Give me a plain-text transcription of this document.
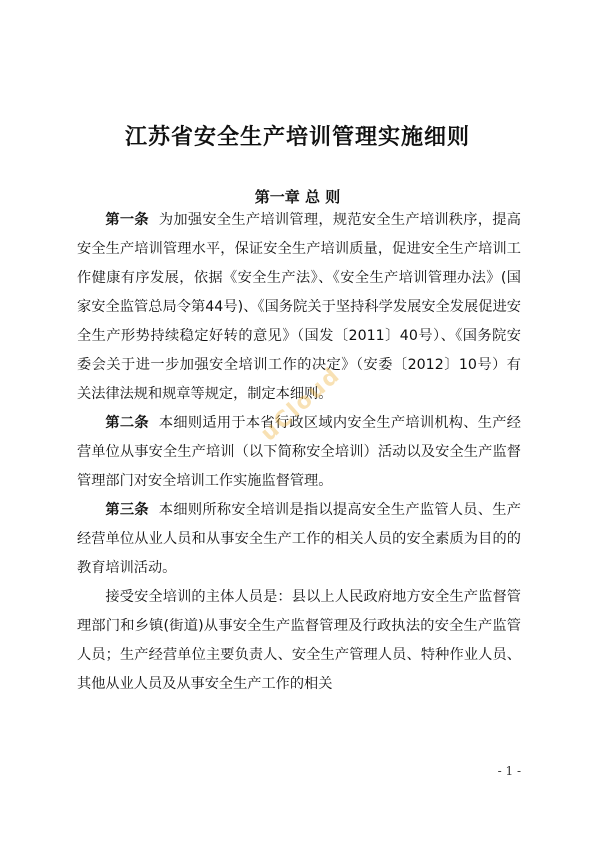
江苏省安全生产培训管理实施细则
第一章 总 则

第一条 为加强安全生产培训管理，规范安全生产培训秩序，提高安全生产培训管理水平，保证安全生产培训质量，促进安全生产培训工作健康有序发展，依据《安全生产法》、《安全生产培训管理办法》(国家安全监管总局令第44号)、《国务院关于坚持科学发展安全发展促进安全生产形势持续稳定好转的意见》（国发〔2011〕40号）、《国务院安委会关于进一步加强安全培训工作的决定》（安委〔2012〕10号）有关法律法规和规章等规定，制定本细则。

第二条 本细则适用于本省行政区域内安全生产培训机构、生产经营单位从事安全生产培训（以下简称安全培训）活动以及安全生产监督管理部门对安全培训工作实施监督管理。

第三条 本细则所称安全培训是指以提高安全生产监管人员、生产经营单位从业人员和从事安全生产工作的相关人员的安全素质为目的的教育培训活动。

接受安全培训的主体人员是：县以上人民政府地方安全生产监督管理部门和乡镇(街道)从事安全生产监督管理及行政执法的安全生产监管人员；生产经营单位主要负责人、安全生产管理人员、特种作业人员、其他从业人员及从事安全生产工作的相关

uCloud
- 1 -
